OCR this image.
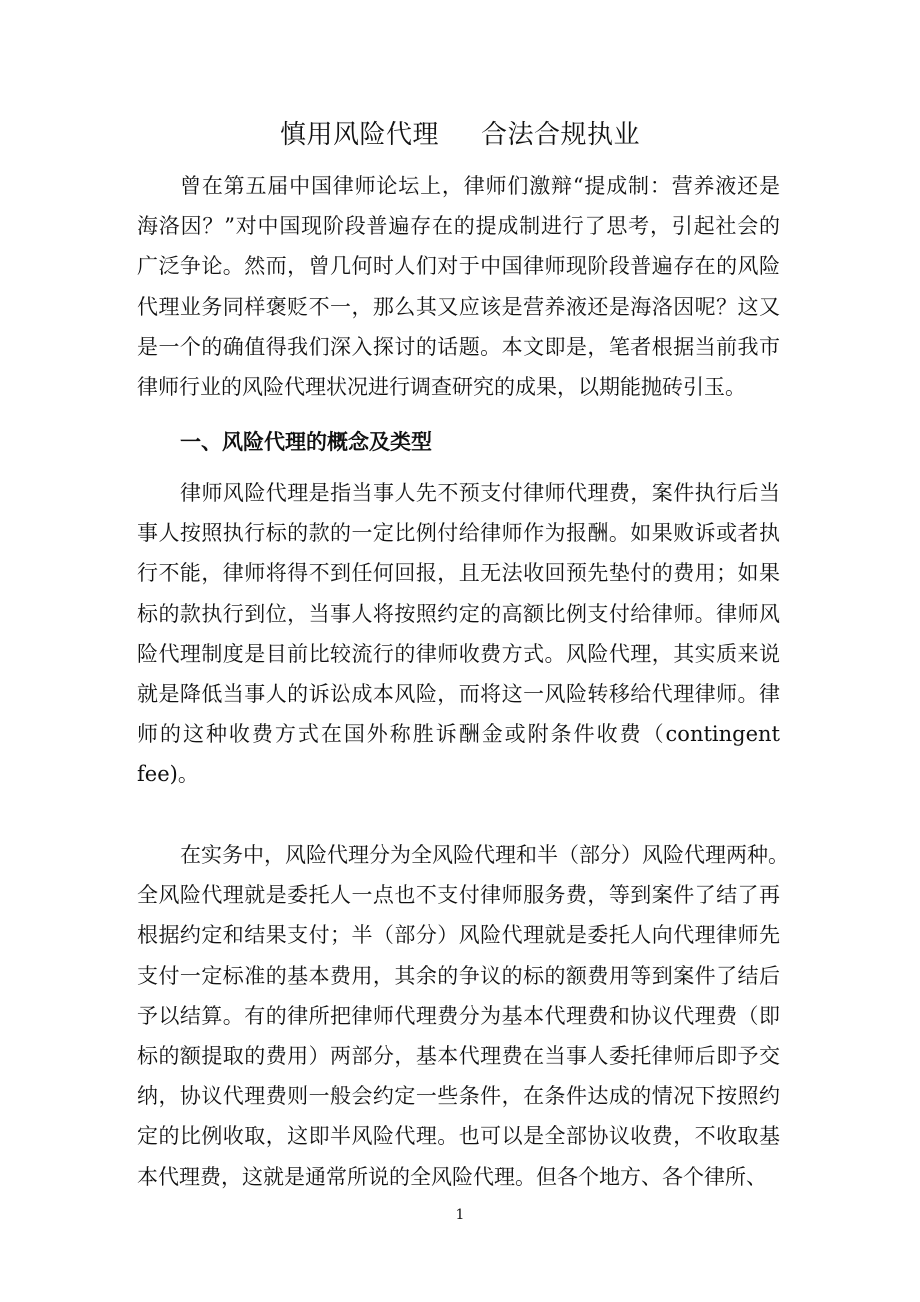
慎用风险代理 合法合规执业
曾在第五届中国律师论坛上，律师们激辩“提成制：营养液还是
海洛因？”对中国现阶段普遍存在的提成制进行了思考，引起社会的
广泛争论。然而，曾几何时人们对于中国律师现阶段普遍存在的风险
代理业务同样褒贬不一，那么其又应该是营养液还是海洛因呢？这又
是一个的确值得我们深入探讨的话题。本文即是，笔者根据当前我市
律师行业的风险代理状况进行调查研究的成果，以期能抛砖引玉。
律师风险代理是指当事人先不预支付律师代理费，案件执行后当
事人按照执行标的款的一定比例付给律师作为报酬。如果败诉或者执
行不能，律师将得不到任何回报，且无法收回预先垫付的费用；如果
标的款执行到位，当事人将按照约定的高额比例支付给律师。律师风
险代理制度是目前比较流行的律师收费方式。风险代理，其实质来说
就是降低当事人的诉讼成本风险，而将这一风险转移给代理律师。律
师的这种收费方式在国外称胜诉酬金或附条件收费（contingent
fee)。
在实务中，风险代理分为全风险代理和半（部分）风险代理两种。
全风险代理就是委托人一点也不支付律师服务费，等到案件了结了再
根据约定和结果支付；半（部分）风险代理就是委托人向代理律师先
支付一定标准的基本费用，其余的争议的标的额费用等到案件了结后
予以结算。有的律所把律师代理费分为基本代理费和协议代理费（即
标的额提取的费用）两部分，基本代理费在当事人委托律师后即予交
纳，协议代理费则一般会约定一些条件，在条件达成的情况下按照约
定的比例收取，这即半风险代理。也可以是全部协议收费，不收取基
本代理费，这就是通常所说的全风险代理。但各个地方、各个律所、
一、风险代理的概念及类型
1
